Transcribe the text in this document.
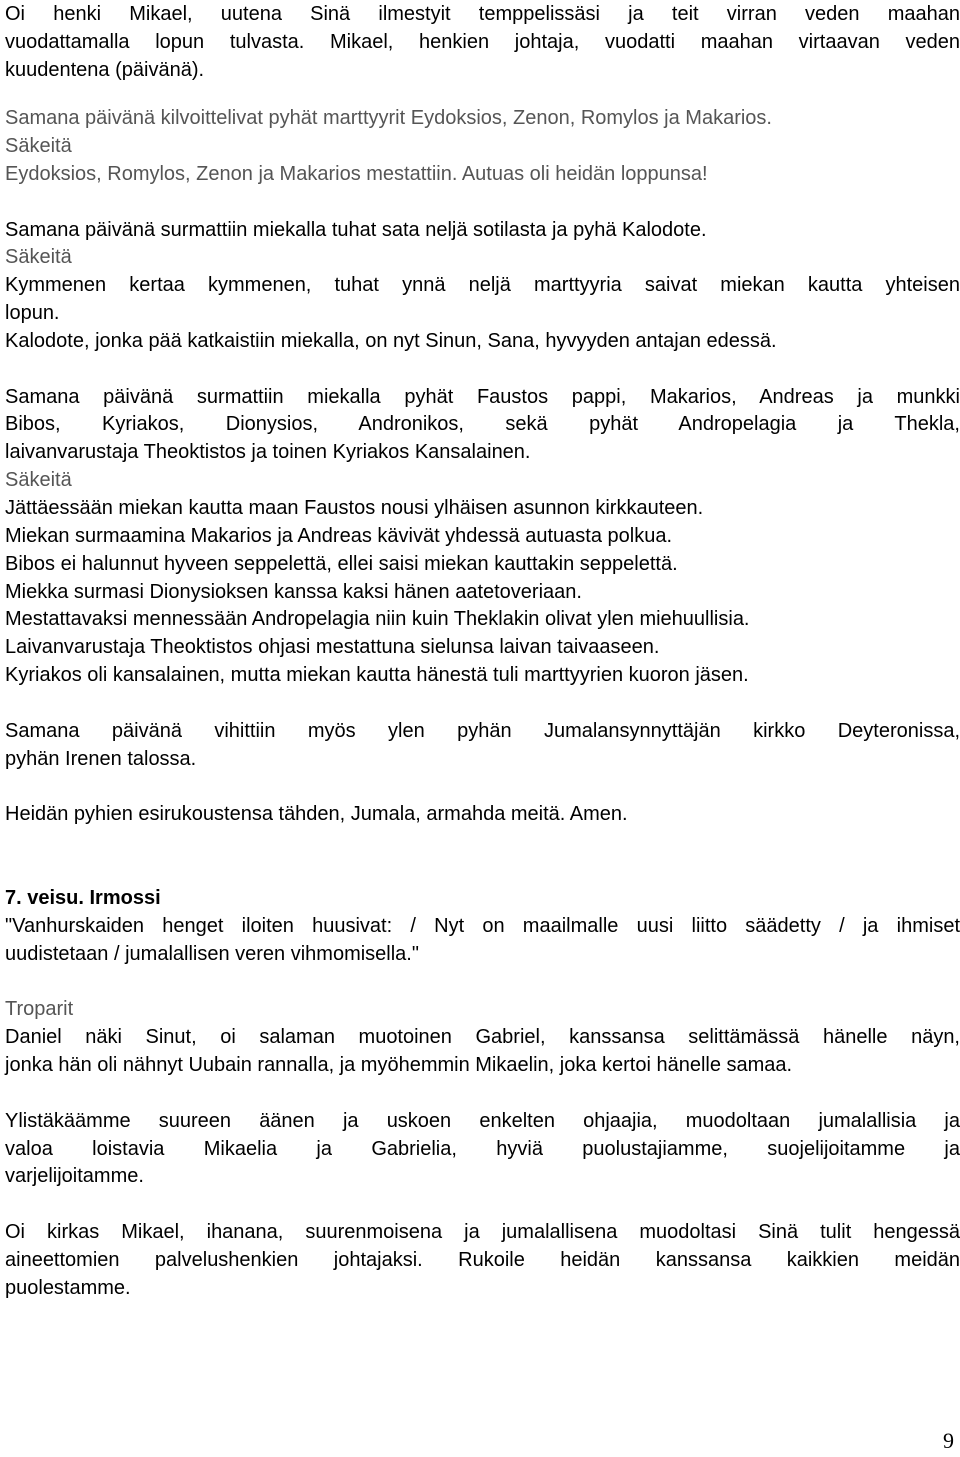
Oi henki Mikael, uutena Sinä ilmestyit temppelissäsi ja teit virran veden maahan
vuodattamalla lopun tulvasta. Mikael, henkien johtaja, vuodatti maahan virtaavan veden
kuudentena (päivänä).
Samana päivänä kilvoittelivat pyhät marttyyrit Eydoksios, Zenon, Romylos ja Makarios.
Säkeitä
Eydoksios, Romylos, Zenon ja Makarios mestattiin. Autuas oli heidän loppunsa!
Samana päivänä surmattiin miekalla tuhat sata neljä sotilasta ja pyhä Kalodote.
Säkeitä
Kymmenen kertaa kymmenen, tuhat ynnä neljä marttyyria saivat miekan kautta yhteisen
lopun.
Kalodote, jonka pää katkaistiin miekalla, on nyt Sinun, Sana, hyvyyden antajan edessä.
Samana päivänä surmattiin miekalla pyhät Faustos pappi, Makarios, Andreas ja munkki
Bibos, Kyriakos, Dionysios, Andronikos, sekä pyhät Andropelagia ja Thekla,
laivanvarustaja Theoktistos ja toinen Kyriakos Kansalainen.
Säkeitä
Jättäessään miekan kautta maan Faustos nousi ylhäisen asunnon kirkkauteen.
Miekan surmaamina Makarios ja Andreas kävivät yhdessä autuasta polkua.
Bibos ei halunnut hyveen seppelettä, ellei saisi miekan kauttakin seppelettä.
Miekka surmasi Dionysioksen kanssa kaksi hänen aatetoveriaan.
Mestattavaksi mennessään Andropelagia niin kuin Theklakin olivat ylen miehuullisia.
Laivanvarustaja Theoktistos ohjasi mestattuna sielunsa laivan taivaaseen.
Kyriakos oli kansalainen, mutta miekan kautta hänestä tuli marttyyrien kuoron jäsen.
Samana päivänä vihittiin myös ylen pyhän Jumalansynnyttäjän kirkko Deyteronissa,
pyhän Irenen talossa.
Heidän pyhien esirukoustensa tähden, Jumala, armahda meitä. Amen.
7. veisu. Irmossi
"Vanhurskaiden henget iloiten huusivat: / Nyt on maailmalle uusi liitto säädetty / ja ihmiset
uudistetaan / jumalallisen veren vihmomisella."
Troparit
Daniel näki Sinut, oi salaman muotoinen Gabriel, kanssansa selittämässä hänelle näyn,
jonka hän oli nähnyt Uubain rannalla, ja myöhemmin Mikaelin, joka kertoi hänelle samaa.
Ylistäkäämme suureen äänen ja uskoen enkelten ohjaajia, muodoltaan jumalallisia ja
valoa loistavia Mikaelia ja Gabrielia, hyviä puolustajiamme, suojelijoitamme ja
varjelijoitamme.
Oi kirkas Mikael, ihanana, suurenmoisena ja jumalallisena muodoltasi Sinä tulit hengessä
aineettomien palvelushenkien johtajaksi. Rukoile heidän kanssansa kaikkien meidän
puolestamme.
9
